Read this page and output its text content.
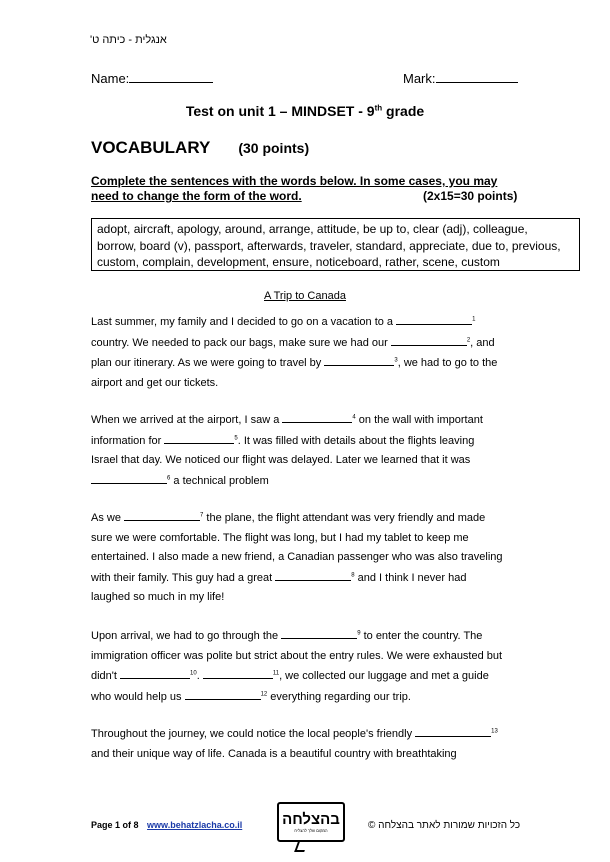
אנגלית - כיתה ט'
Name:	Mark:
Test on unit 1 – MINDSET - 9th grade
VOCABULARY (30 points)
Complete the sentences with the words below. In some cases, you may
need to change the form of the word.	(2x15=30 points)
adopt, aircraft, apology, around, arrange, attitude, be up to, clear (adj), colleague,
borrow, board (v), passport, afterwards, traveler, standard, appreciate, due to, previous,
custom, complain, development, ensure, noticeboard, rather, scene, custom
A Trip to Canada
Last summer, my family and I decided to go on a vacation to a	$^1$
country. We needed to pack our bags, make sure we had our	$^2$, and
plan our itinerary. As we were going to travel by	$^3$, we had to go to the
airport and get our tickets.
When we arrived at the airport, I saw a	$^4$ on the wall with important
information for	$^5$. It was filled with details about the flights leaving
Israel that day. We noticed our flight was delayed. Later we learned that it was
$^6$ a technical problem
As we	$^7$ the plane, the flight attendant was very friendly and made
sure we were comfortable. The flight was long, but I had my tablet to keep me
entertained. I also made a new friend, a Canadian passenger who was also traveling
with their family. This guy had a great	$^8$ and I think I never had
laughed so much in my life!
Upon arrival, we had to go through the	$^9$ to enter the country. The
immigration officer was polite but strict about the entry rules. We were exhausted but
didn't	$^{10}$.	$^{11}$, we collected our luggage and met a guide
who would help us	$^{12}$ everything regarding our trip.
Throughout the journey, we could notice the local people's friendly	$^{13}$
and their unique way of life. Canada is a beautiful country with breathtaking
Page 1 of 8 www.behatzlacha.co.il	בהצלחה
המקום שלך להצליח	כל הזכויות שמורות לאתר בהצלחה ©
